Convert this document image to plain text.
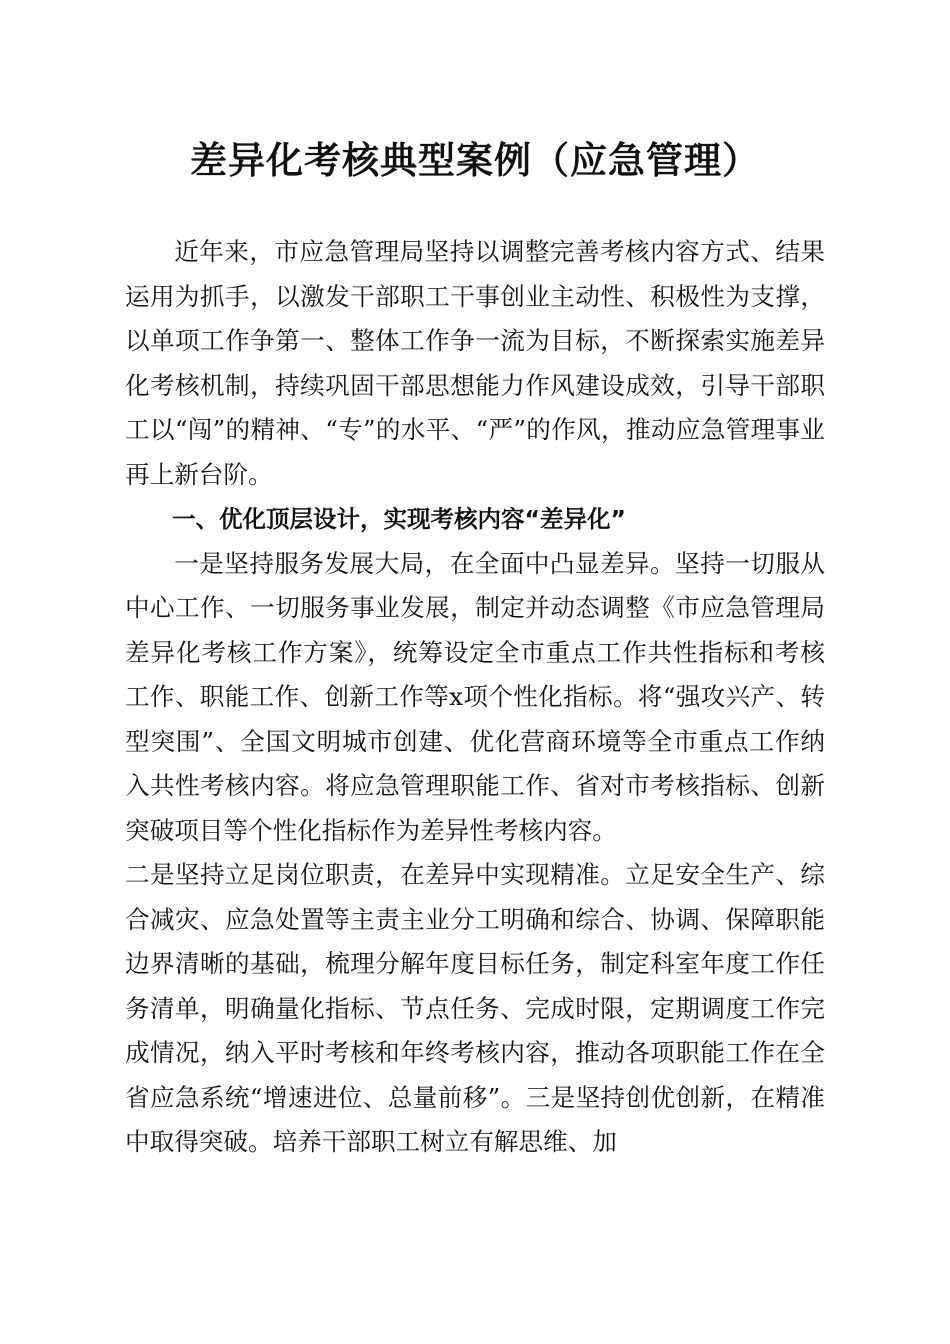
差异化考核典型案例（应急管理）

近年来，市应急管理局坚持以调整完善考核内容方式、结果运用为抓手，以激发干部职工干事创业主动性、积极性为支撑，以单项工作争第一、整体工作争一流为目标，不断探索实施差异化考核机制，持续巩固干部思想能力作风建设成效，引导干部职工以“闯”的精神、“专”的水平、“严”的作风，推动应急管理事业再上新台阶。

一、优化顶层设计，实现考核内容“差异化”

一是坚持服务发展大局，在全面中凸显差异。坚持一切服从中心工作、一切服务事业发展，制定并动态调整《市应急管理局差异化考核工作方案》，统筹设定全市重点工作共性指标和考核工作、职能工作、创新工作等x项个性化指标。将“强攻兴产、转型突围”、全国文明城市创建、优化营商环境等全市重点工作纳入共性考核内容。将应急管理职能工作、省对市考核指标、创新突破项目等个性化指标作为差异性考核内容。

二是坚持立足岗位职责，在差异中实现精准。立足安全生产、综合减灾、应急处置等主责主业分工明确和综合、协调、保障职能边界清晰的基础，梳理分解年度目标任务，制定科室年度工作任务清单，明确量化指标、节点任务、完成时限，定期调度工作完成情况，纳入平时考核和年终考核内容，推动各项职能工作在全省应急系统“增速进位、总量前移”。三是坚持创优创新，在精准中取得突破。培养干部职工树立有解思维、加
